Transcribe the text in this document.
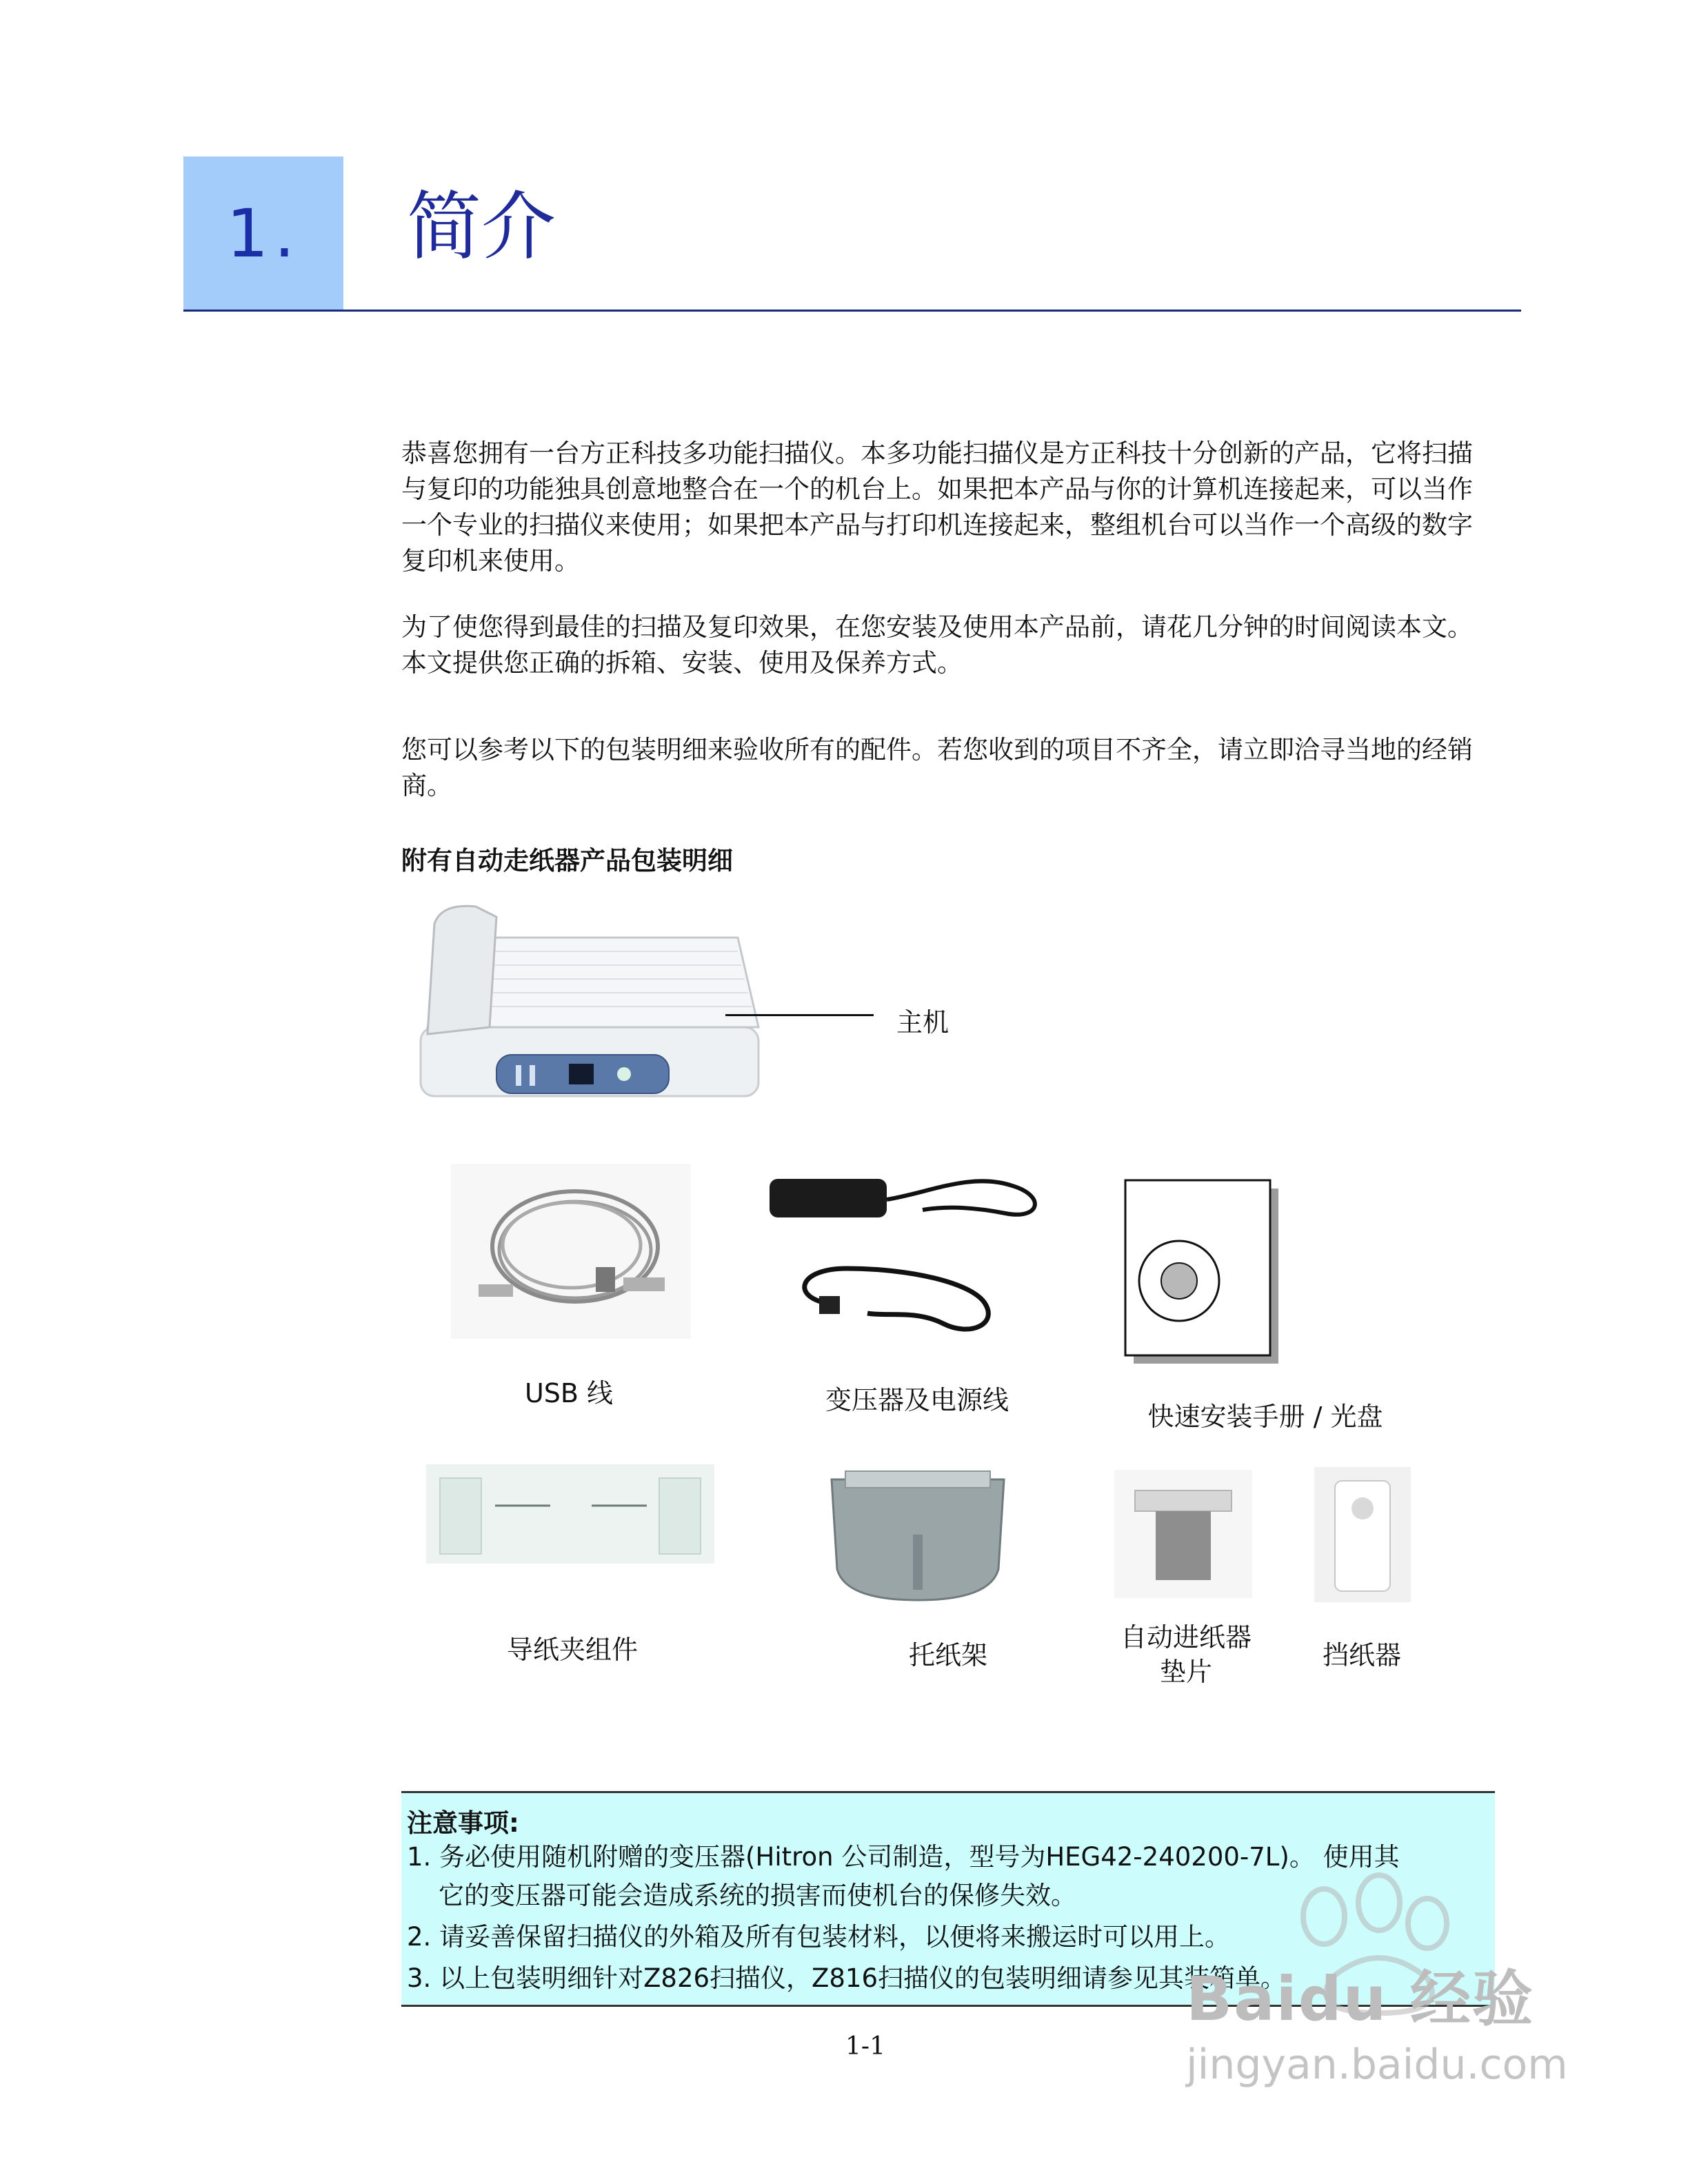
1.	简介
恭喜您拥有一台方正科技多功能扫描仪。本多功能扫描仪是方正科技十分创新的产品，它将扫描与复印的功能独具创意地整合在一个的机台上。如果把本产品与你的计算机连接起来，可以当作一个专业的扫描仪来使用；如果把本产品与打印机连接起来，整组机台可以当作一个高级的数字复印机来使用。
为了使您得到最佳的扫描及复印效果，在您安装及使用本产品前，请花几分钟的时间阅读本文。本文提供您正确的拆箱、安装、使用及保养方式。
您可以参考以下的包装明细来验收所有的配件。若您收到的项目不齐全，请立即洽寻当地的经销商。
附有自动走纸器产品包装明细
主机
USB 线	变压器及电源线
快速安装手册 / 光盘
导纸夹组件	托纸架
自动进纸器
垫片
挡纸器
注意事项:
1. 务必使用随机附赠的变压器(Hitron 公司制造，型号为HEG42-240200-7L)。 使用其
它的变压器可能会造成系统的损害而使机台的保修失效。
2. 请妥善保留扫描仪的外箱及所有包装材料，以便将来搬运时可以用上。
3. 以上包装明细针对Z826扫描仪，Z816扫描仪的包装明细请参见其装箱单。
1-1
Baidu 经验
jingyan.baidu.com
